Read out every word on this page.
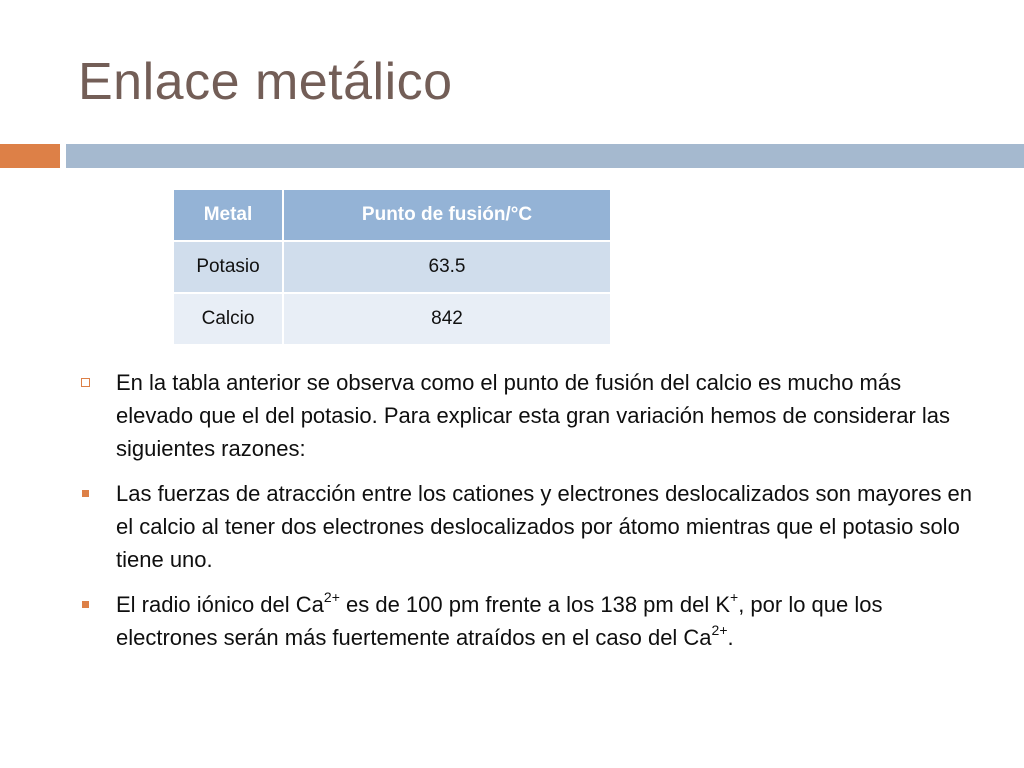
Enlace metálico
Metal	Punto de fusión/°C
Potasio	63.5
Calcio	842
En la tabla anterior se observa como el punto de fusión del calcio es mucho más elevado que el del potasio. Para explicar esta gran variación hemos de considerar las siguientes razones:
Las fuerzas de atracción entre los cationes y electrones deslocalizados son mayores en el calcio al tener dos electrones deslocalizados por átomo mientras que el potasio solo tiene uno.
El radio iónico del $Ca^{2+}$ es de 100 pm frente a los 138 pm del K+, por lo que los electrones serán más fuertemente atraídos en el caso del $Ca^{2+}$.
